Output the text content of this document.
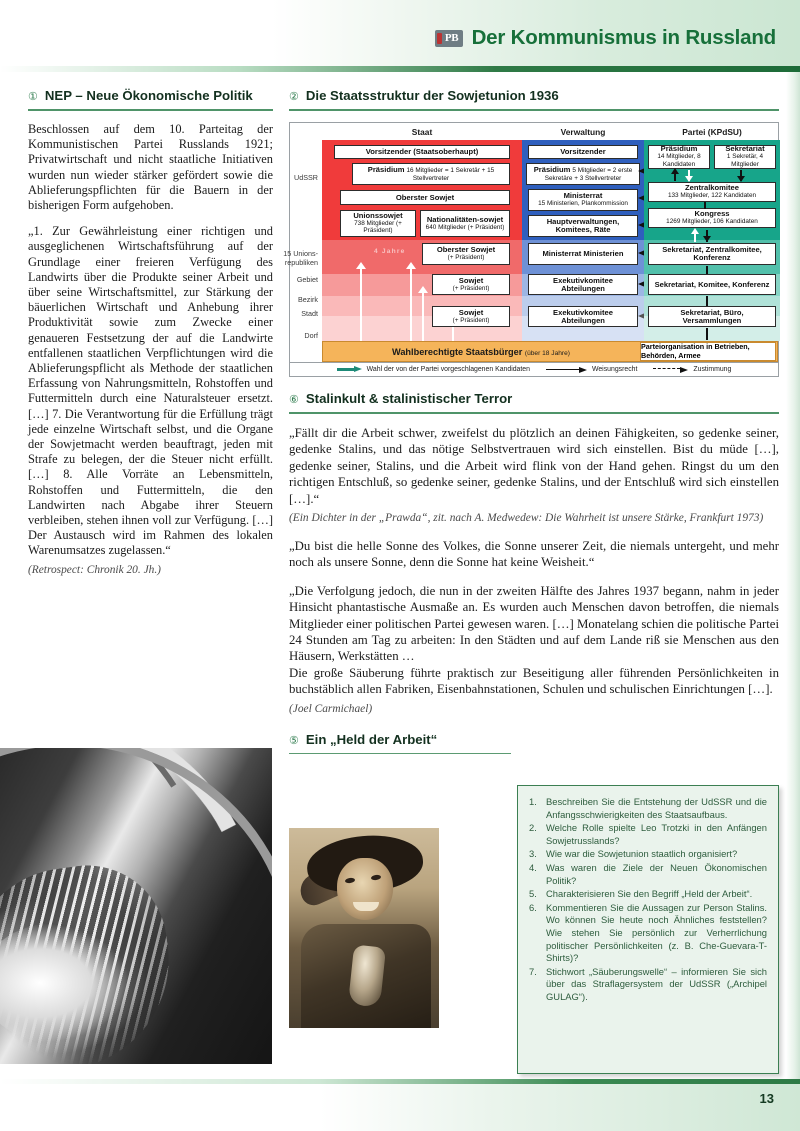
PB Der Kommunismus in Russland
① NEP – Neue Ökonomische Politik

Beschlossen auf dem 10. Parteitag der Kommunistischen Partei Russlands 1921; Privatwirtschaft und nicht staatliche Initiativen wurden nun wieder stärker gefördert sowie die Ablieferungspflichten für die Bauern in der bisherigen Form aufgehoben.

„1. Zur Gewährleistung einer richtigen und ausgeglichenen Wirtschaftsführung auf der Grundlage einer freieren Verfügung des Landwirts über die Produkte seiner Arbeit und über seine Wirtschaftsmittel, zur Stärkung der bäuerlichen Wirtschaft und Anhebung ihrer Produktivität sowie zum Zwecke einer genaueren Festsetzung der auf die Landwirte entfallenen staatlichen Verpflichtungen wird die Ablieferungspflicht als Methode der staatlichen Erfassung von Nahrungsmitteln, Rohstoffen und Futtermitteln durch eine Naturalsteuer ersetzt. […] 7. Die Verantwortung für die Erfüllung trägt jede einzelne Wirtschaft selbst, und die Organe der Sowjetmacht werden beauftragt, jeden mit Strafe zu belegen, der die Steuer nicht erfüllt. […] 8. Alle Vorräte an Lebensmitteln, Rohstoffen und Futtermitteln, die den Landwirten nach Abgabe ihrer Steuern verbleiben, stehen ihnen voll zur Verfügung. […] Der Austausch wird im Rahmen des lokalen Warenumsatzes zugelassen.“

(Retrospect: Chronik 20. Jh.)
② Die Staatsstruktur der Sowjetunion 1936
Staat	Verwaltung	Partei (KPdSU)
UdSSR
15 Unions-republiken
Gebiet
Bezirk
Stadt
Dorf
4 Jahre
Vorsitzender (Staatsoberhaupt)
Präsidium 16 Mitglieder = 1 Sekretär + 15 Stellvertreter
Oberster Sowjet
Unionssowjet
738 Mitglieder (+ Präsident)
Nationalitäten-sowjet
640 Mitglieder (+ Präsident)
Oberster Sowjet
(+ Präsident)
Sowjet
(+ Präsident)
Sowjet
(+ Präsident)
Vorsitzender
Präsidium 5 Mitglieder = 2 erste Sekretäre + 3 Stellvertreter
Ministerrat
15 Ministerien, Plankommission
Hauptverwaltungen, Komitees, Räte
Ministerrat Ministerien
Exekutivkomitee Abteilungen
Exekutivkomitee Abteilungen
Präsidium
14 Mitglieder, 8 Kandidaten
Sekretariat
1 Sekretär, 4 Mitglieder
Zentralkomitee
133 Mitglieder, 122 Kandidaten
Kongress
1269 Mitglieder, 106 Kandidaten
Sekretariat, Zentralkomitee, Konferenz
Sekretariat, Komitee, Konferenz
Sekretariat, Büro, Versammlungen
Wahlberechtigte Staatsbürger (über 18 Jahre)
Parteiorganisation in Betrieben, Behörden, Armee
Wahl der von der Partei vorgeschlagenen Kandidaten	Weisungsrecht	Zustimmung
⑥ Stalinkult & stalinistischer Terror

„Fällt dir die Arbeit schwer, zweifelst du plötzlich an deinen Fähigkeiten, so gedenke seiner, gedenke Stalins, und das nötige Selbstvertrauen wird sich einstellen. Bist du müde […], gedenke seiner, Stalins, und die Arbeit wird flink von der Hand gehen. Ringst du um den richtigen Entschluß, so gedenke seiner, gedenke Stalins, und der Entschluß wird sich einstellen […].“

(Ein Dichter in der „Prawda“, zit. nach A. Medwedew: Die Wahrheit ist unsere Stärke, Frankfurt 1973)

„Du bist die helle Sonne des Volkes, die Sonne unserer Zeit, die niemals untergeht, und mehr noch als unsere Sonne, denn die Sonne hat keine Weisheit.“

„Die Verfolgung jedoch, die nun in der zweiten Hälfte des Jahres 1937 begann, nahm in jeder Hinsicht phantastische Ausmaße an. Es wurden auch Menschen davon betroffen, die niemals Mitglieder einer politischen Partei gewesen waren. […] Monatelang schien die politische Partei 24 Stunden am Tag zu arbeiten: In den Städten und auf dem Lande riß sie Menschen aus den Häusern, Werkstätten …

Die große Säuberung führte praktisch zur Beseitigung aller führenden Persönlichkeiten in buchstäblich allen Fabriken, Eisenbahnstationen, Schulen und schulischen Einrichtungen […].

(Joel Carmichael)
⑤ Ein „Held der Arbeit“
1. Beschreiben Sie die Entstehung der UdSSR und die Anfangsschwierigkeiten des Staatsaufbaus.
2. Welche Rolle spielte Leo Trotzki in den Anfängen Sowjetrusslands?
3. Wie war die Sowjetunion staatlich organisiert?
4. Was waren die Ziele der Neuen Ökonomischen Politik?
5. Charakterisieren Sie den Begriff „Held der Arbeit“.
6. Kommentieren Sie die Aussagen zur Person Stalins. Wo können Sie heute noch Ähnliches feststellen? Wie stehen Sie persönlich zur Verherrlichung politischer Persönlichkeiten (z. B. Che-Guevara-T-Shirts)?
7. Stichwort „Säuberungswelle“ – informieren Sie sich über das Straflagersystem der UdSSR („Archipel GULAG“).
13
